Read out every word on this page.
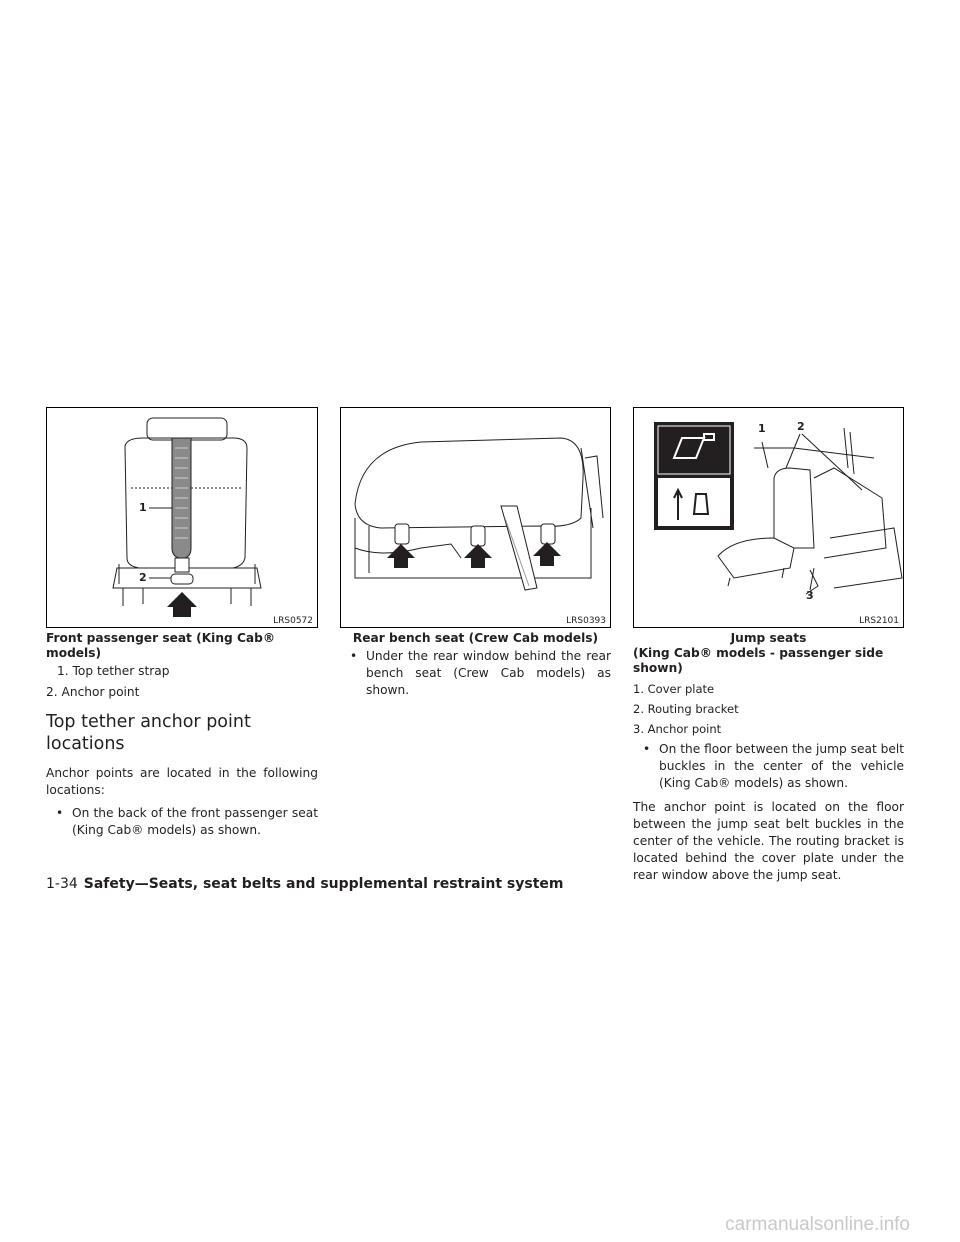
1
2
LRS0572	LRS0393
1	2
3
LRS2101
Front passenger seat (King Cab® models)

1. Top tether strap

2. Anchor point

Top tether anchor point locations

Anchor points are located in the following locations:

• On the back of the front passenger seat (King Cab® models) as shown.
Rear bench seat (Crew Cab models)
• Under the rear window behind the rear bench seat (Crew Cab models) as shown.
Jump seats
(King Cab® models - passenger side shown)

1. Cover plate

2. Routing bracket

3. Anchor point

• On the floor between the jump seat belt buckles in the center of the vehicle (King Cab® models) as shown.

The anchor point is located on the floor between the jump seat belt buckles in the center of the vehicle. The routing bracket is located behind the cover plate under the rear window above the jump seat.

1-34 Safety—Seats, seat belts and supplemental restraint system
carmanualsonline.info
